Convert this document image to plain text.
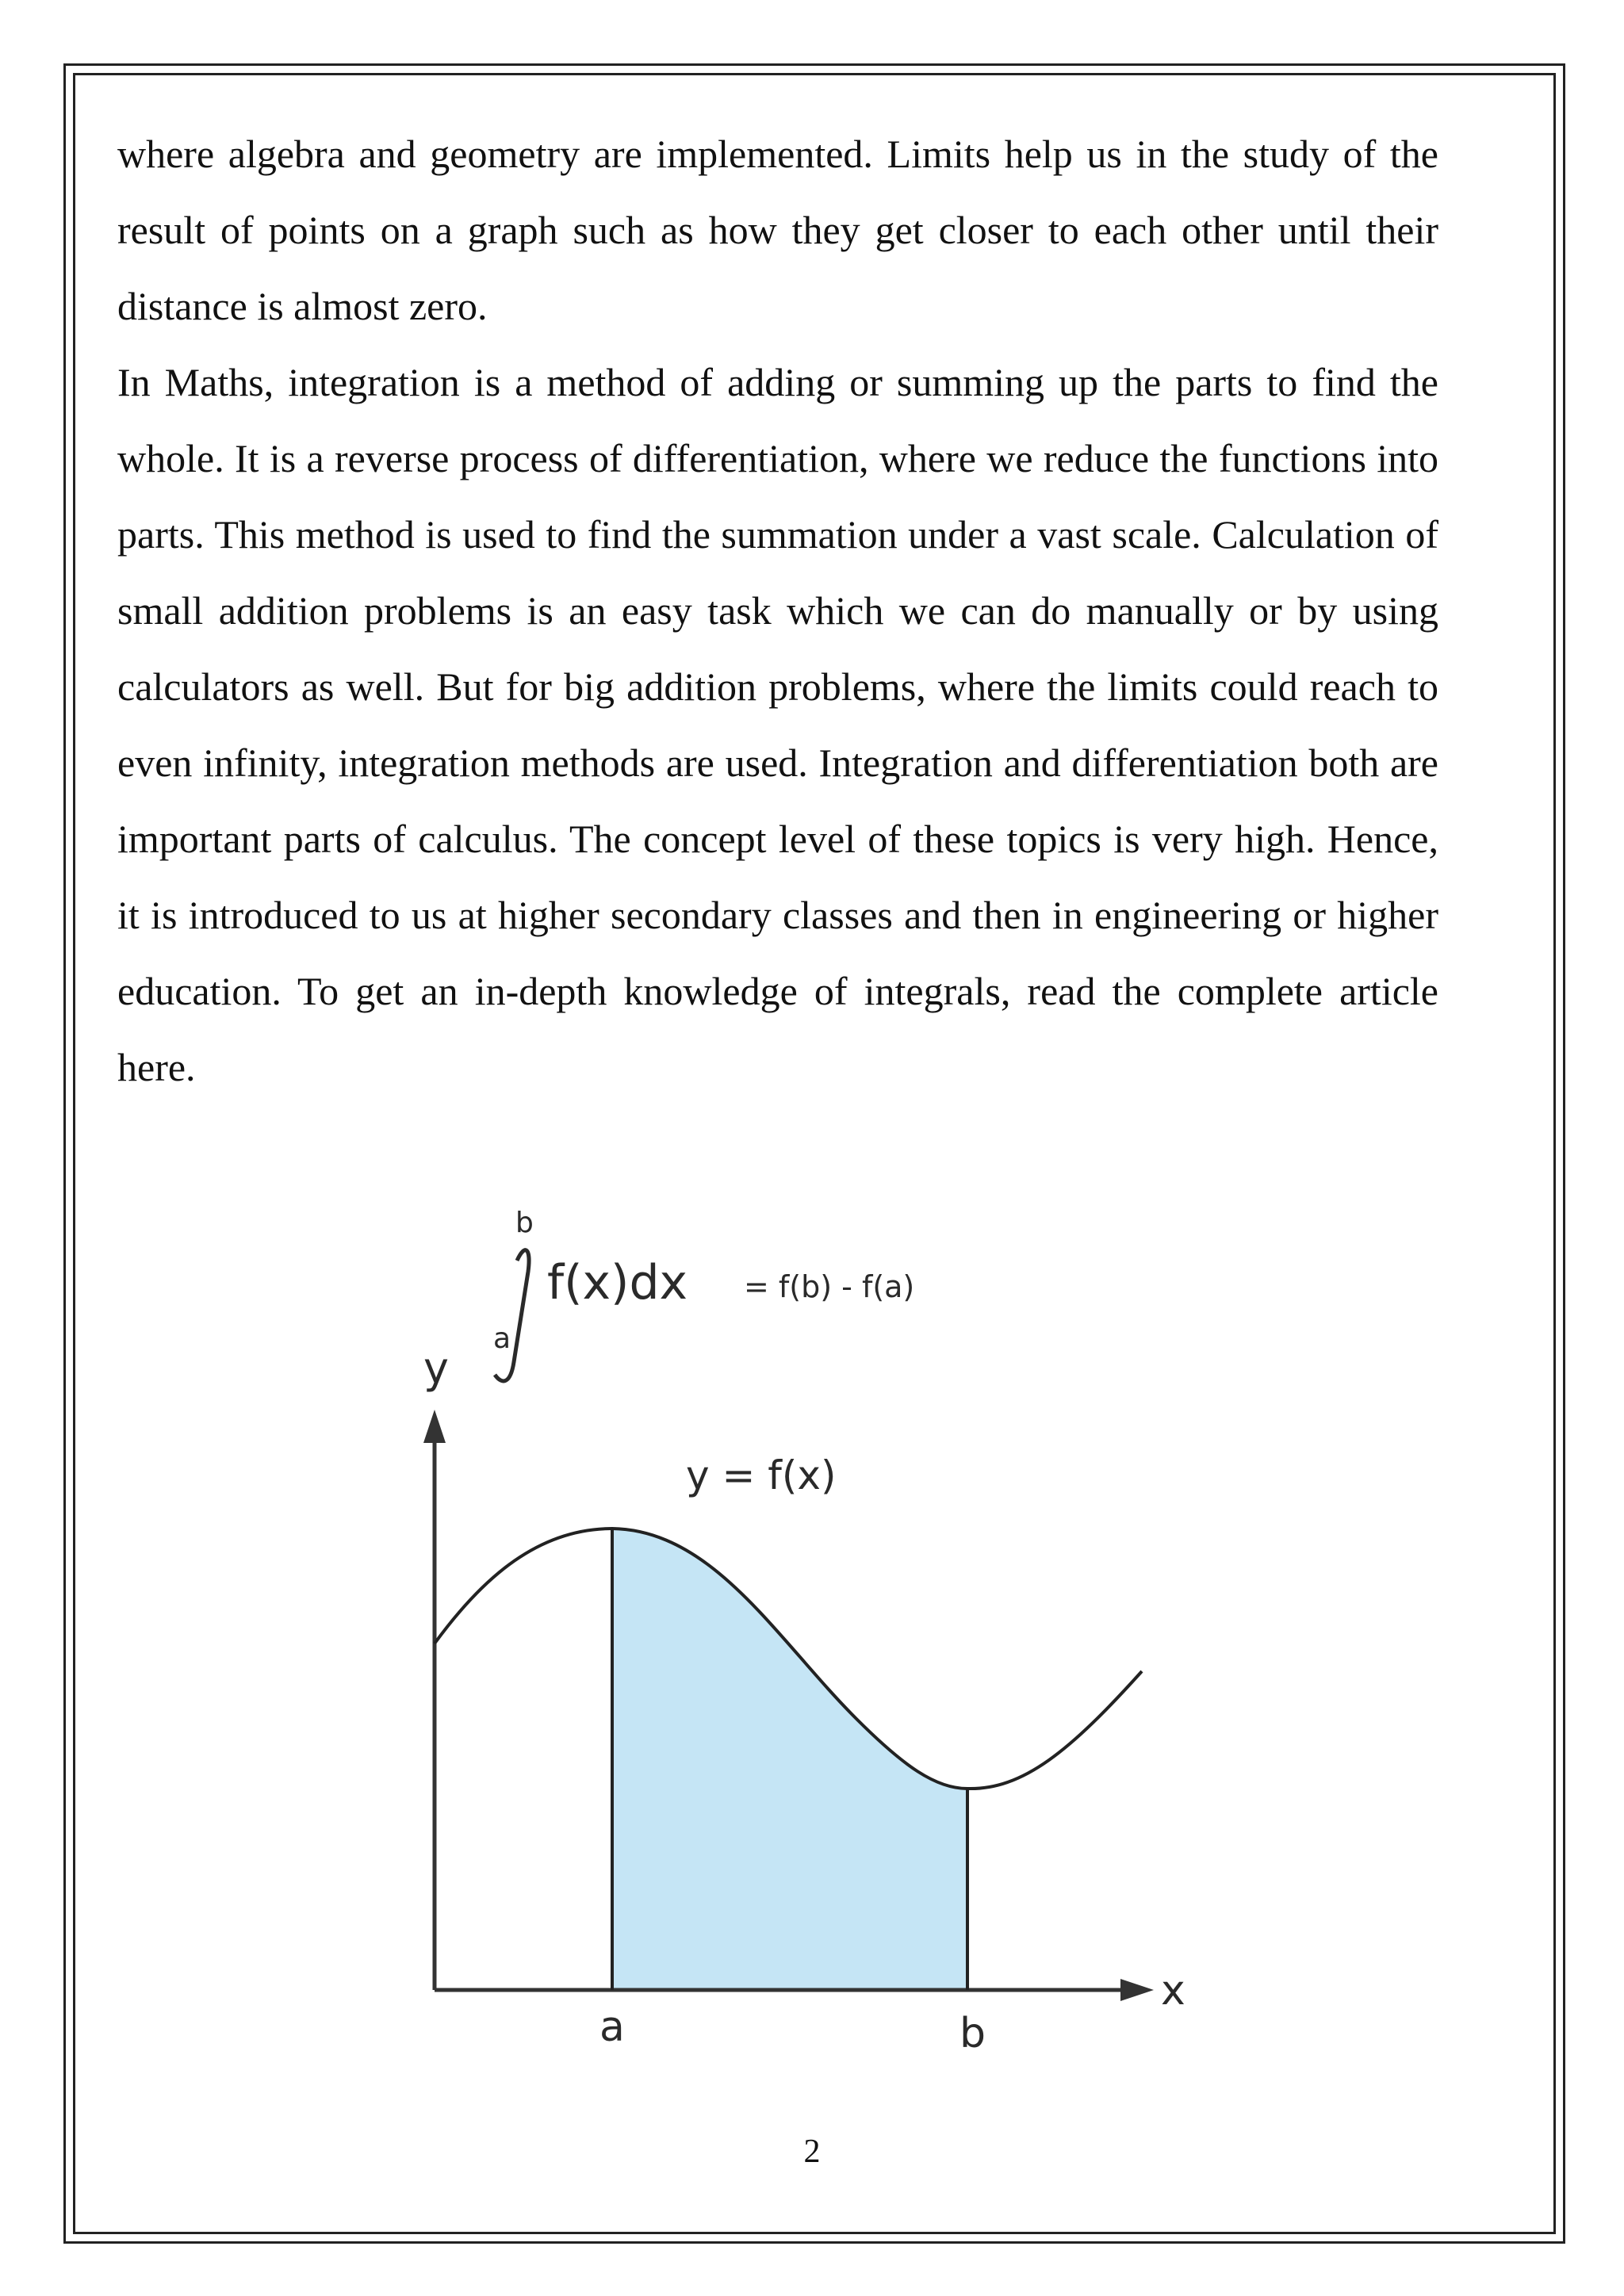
where algebra and geometry are implemented. Limits help us in the study of the result of points on a graph such as how they get closer to each other until their distance is almost zero.

In Maths, integration is a method of adding or summing up the parts to find the whole. It is a reverse process of differentiation, where we reduce the functions into parts. This method is used to find the summation under a vast scale. Calculation of small addition problems is an easy task which we can do manually or by using calculators as well. But for big addition problems, where the limits could reach to even infinity, integration methods are used. Integration and differentiation both are important parts of calculus. The concept level of these topics is very high. Hence, it is introduced to us at higher secondary classes and then in engineering or higher education. To get an in-depth knowledge of integrals, read the complete article here.

b
a
f(x)dx = f(b) - f(a)
y
y = f(x)
x
a	b
2
